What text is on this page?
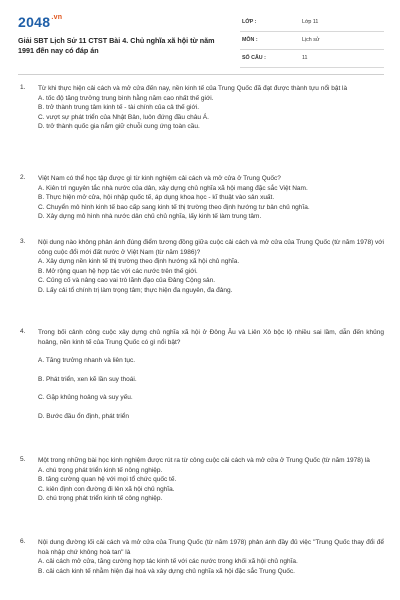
$2048^{.vn}$
Giải SBT Lịch Sử 11 CTST Bài 4. Chủ nghĩa xã hội từ năm 1991 đến nay có đáp án
LỚP :	Lớp 11
MÔN :	Lịch sử
SỐ CÂU :	11
1. Từ khi thực hiện cải cách và mở cửa đến nay, nền kinh tế của Trung Quốc đã đạt được thành tựu nổi bật là
A. tốc độ tăng trưởng trung bình hằng năm cao nhất thế giới.
B. trở thành trung tâm kinh tế - tài chính của cả thế giới.
C. vượt sự phát triển của Nhật Bản, luôn đứng đầu châu Á.
D. trở thành quốc gia nắm giữ chuỗi cung ứng toàn cầu.
2. Việt Nam có thể học tập được gì từ kinh nghiệm cải cách và mở cửa ở Trung Quốc?
A. Kiên trì nguyên tắc nhà nước của dân, xây dựng chủ nghĩa xã hội mang đặc sắc Việt Nam.
B. Thực hiện mở cửa, hội nhập quốc tế, áp dụng khoa học - kĩ thuật vào sản xuất.
C. Chuyển mô hình kinh tế bao cấp sang kinh tế thị trường theo định hướng tư bản chủ nghĩa.
D. Xây dựng mô hình nhà nước dân chủ chủ nghĩa, lấy kinh tế làm trung tâm.
3. Nội dung nào không phản ánh đúng điểm tương đồng giữa cuộc cải cách và mở cửa của Trung Quốc (từ năm 1978) với công cuộc đổi mới đất nước ở Việt Nam (từ năm 1986)?
A. Xây dựng nền kinh tế thị trường theo định hướng xã hội chủ nghĩa.
B. Mở rộng quan hệ hợp tác với các nước trên thế giới.
C. Củng cố và nâng cao vai trò lãnh đạo của Đảng Cộng sản.
D. Lấy cải tổ chính trị làm trọng tâm; thực hiện đa nguyên, đa đảng.
4. Trong bối cảnh công cuộc xây dựng chủ nghĩa xã hội ở Đông Âu và Liên Xô bộc lộ nhiều sai lầm, dẫn đến khủng hoảng, nền kinh tế của Trung Quốc có gì nổi bật?
A. Tăng trưởng nhanh và liên tục.
B. Phát triển, xen kẽ lần suy thoái.
C. Gặp khủng hoảng và suy yếu.
D. Bước đầu ổn định, phát triển
5. Một trong những bài học kinh nghiệm được rút ra từ công cuộc cải cách và mở cửa ở Trung Quốc (từ năm 1978) là
A. chú trọng phát triển kinh tế nông nghiệp.
B. tăng cường quan hệ với mọi tổ chức quốc tế.
C. kiên định con đường đi lên xã hội chủ nghĩa.
D. chú trọng phát triển kinh tế công nghiệp.
6. Nội dung đường lối cải cách và mở cửa của Trung Quốc (từ năm 1978) phản ánh đầy đủ việc "Trung Quốc thay đổi để hoà nhập chứ không hoà tan" là
A. cải cách mở cửa, tăng cường hợp tác kinh tế với các nước trong khối xã hội chủ nghĩa.
B. cải cách kinh tế nhằm hiện đại hoá và xây dựng chủ nghĩa xã hội đặc sắc Trung Quốc.
